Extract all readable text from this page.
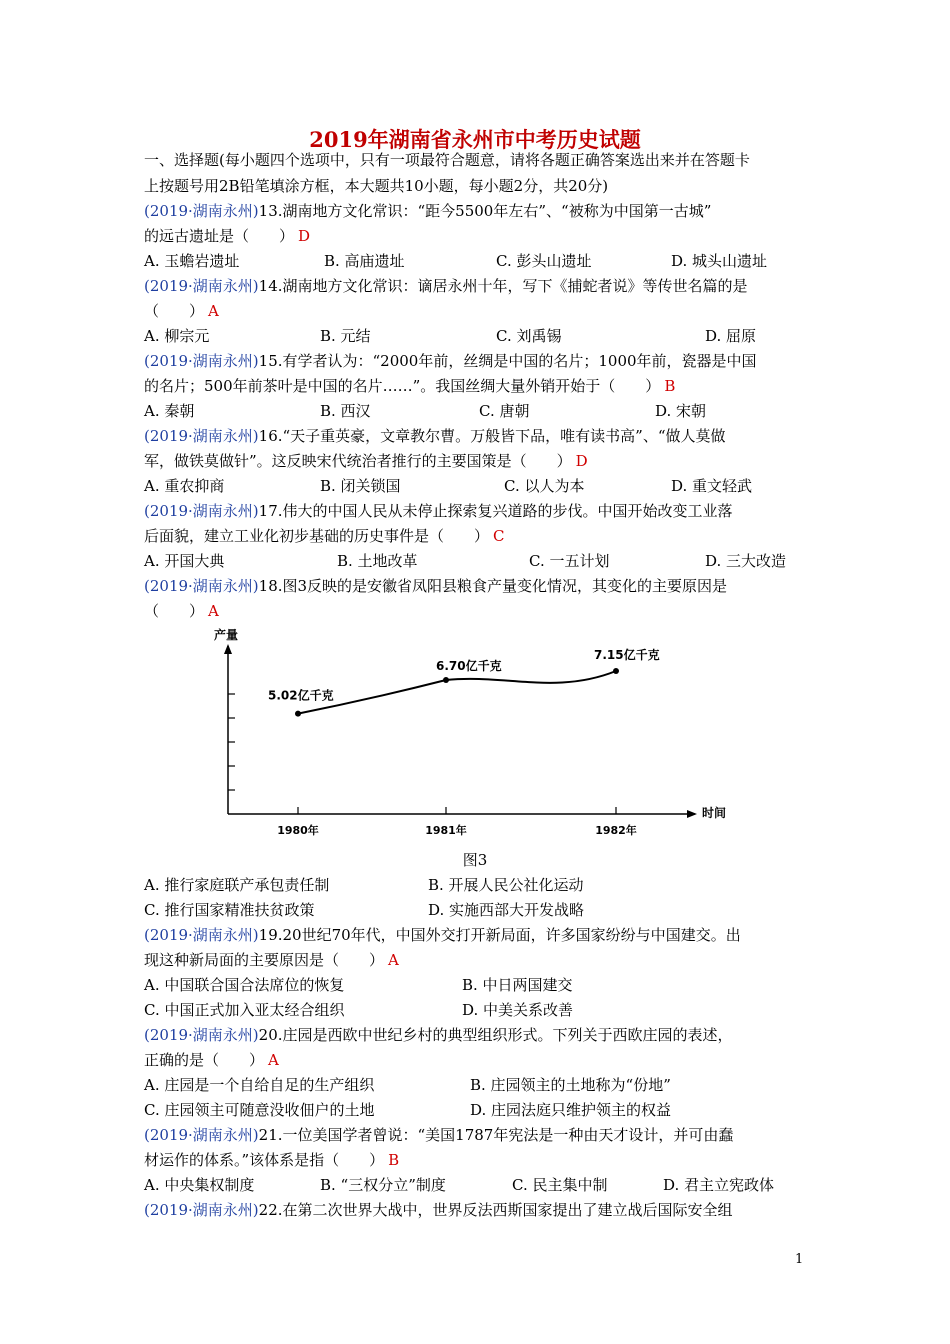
2019年湖南省永州市中考历史试题
一、选择题(每小题四个选项中，只有一项最符合题意，请将各题正确答案选出来并在答题卡
上按题号用2B铅笔填涂方框，本大题共10小题，每小题2分，共20分)
(2019·湖南永州)13.湖南地方文化常识：“距今5500年左右”、“被称为中国第一古城”
的远古遗址是（　　） D
A. 玉蟾岩遗址	B. 高庙遗址	C. 彭头山遗址	D. 城头山遗址
(2019·湖南永州)14.湖南地方文化常识：谪居永州十年，写下《捕蛇者说》等传世名篇的是
（　　） A
A. 柳宗元	B. 元结	C. 刘禹锡	D. 屈原
(2019·湖南永州)15.有学者认为：“2000年前，丝绸是中国的名片；1000年前，瓷器是中国
的名片；500年前茶叶是中国的名片……”。我国丝绸大量外销开始于（　　） B
A. 秦朝	B. 西汉	C. 唐朝	D. 宋朝
(2019·湖南永州)16.“天子重英豪，文章教尔曹。万般皆下品，唯有读书高”、“做人莫做
军，做铁莫做针”。这反映宋代统治者推行的主要国策是（　　） D
A. 重农抑商	B. 闭关锁国	C. 以人为本	D. 重文轻武
(2019·湖南永州)17.伟大的中国人民从未停止探索复兴道路的步伐。中国开始改变工业落
后面貌，建立工业化初步基础的历史事件是（　　） C
A. 开国大典	B. 土地改革	C. 一五计划	D. 三大改造
(2019·湖南永州)18.图3反映的是安徽省凤阳县粮食产量变化情况，其变化的主要原因是
（　　） A
产量
时间
1980年	1981年	1982年
5.02亿千克
6.70亿千克
7.15亿千克
图3
A. 推行家庭联产承包责任制	B. 开展人民公社化运动
C. 推行国家精准扶贫政策	D. 实施西部大开发战略
(2019·湖南永州)19.20世纪70年代，中国外交打开新局面，许多国家纷纷与中国建交。出
现这种新局面的主要原因是（　　） A
A. 中国联合国合法席位的恢复	B. 中日两国建交
C. 中国正式加入亚太经合组织	D. 中美关系改善
(2019·湖南永州)20.庄园是西欧中世纪乡村的典型组织形式。下列关于西欧庄园的表述，
正确的是（　　） A
A. 庄园是一个自给自足的生产组织	B. 庄园领主的土地称为“份地”
C. 庄园领主可随意没收佃户的土地	D. 庄园法庭只维护领主的权益
(2019·湖南永州)21.一位美国学者曾说：“美国1787年宪法是一种由天才设计，并可由蠢
材运作的体系。”该体系是指（　　） B
A. 中央集权制度	B. “三权分立”制度	C. 民主集中制	D. 君主立宪政体
(2019·湖南永州)22.在第二次世界大战中，世界反法西斯国家提出了建立战后国际安全组
1
